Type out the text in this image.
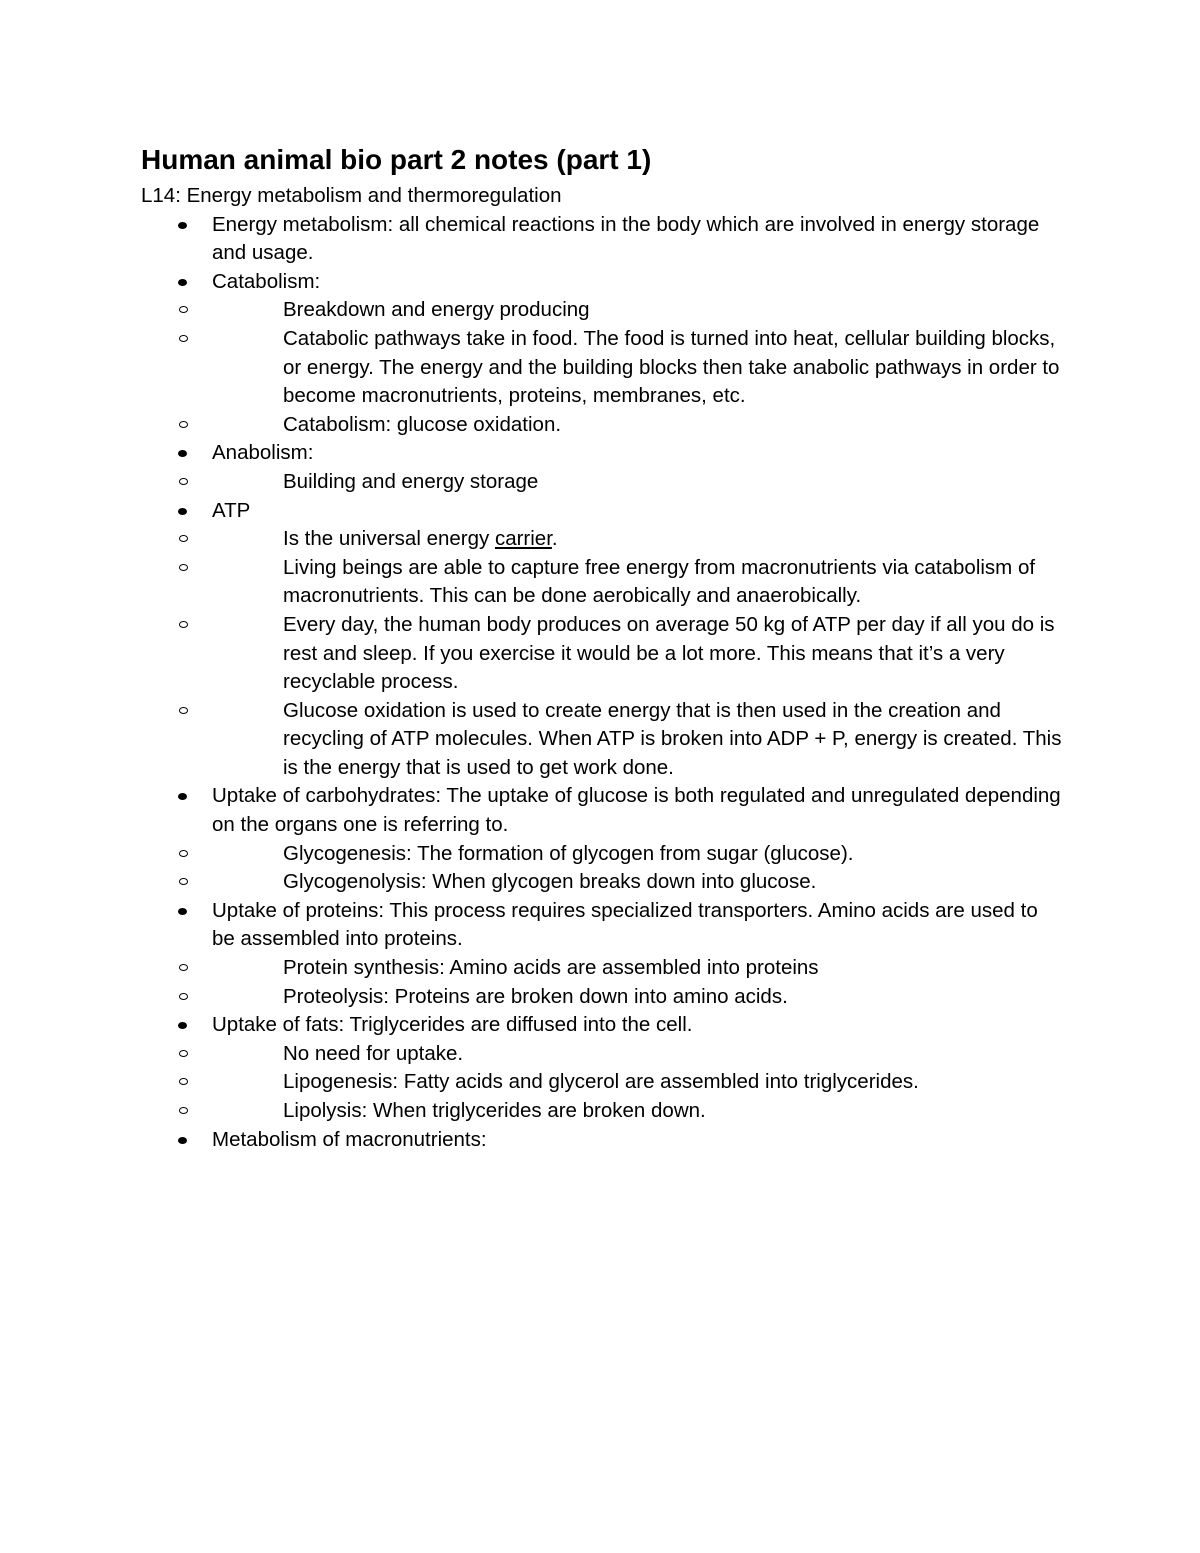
Human animal bio part 2 notes (part 1)

L14: Energy metabolism and thermoregulation

Energy metabolism: all chemical reactions in the body which are involved in energy storage and usage.
Catabolism:
Breakdown and energy producing
Catabolic pathways take in food. The food is turned into heat, cellular building blocks, or energy. The energy and the building blocks then take anabolic pathways in order to become macronutrients, proteins, membranes, etc.
Catabolism: glucose oxidation.
Anabolism:
Building and energy storage
ATP
Is the universal energy carrier.
Living beings are able to capture free energy from macronutrients via catabolism of macronutrients. This can be done aerobically and anaerobically.
Every day, the human body produces on average 50 kg of ATP per day if all you do is rest and sleep. If you exercise it would be a lot more. This means that it’s a very recyclable process.
Glucose oxidation is used to create energy that is then used in the creation and recycling of ATP molecules. When ATP is broken into ADP + P, energy is created. This is the energy that is used to get work done.
Uptake of carbohydrates: The uptake of glucose is both regulated and unregulated depending on the organs one is referring to.
Glycogenesis: The formation of glycogen from sugar (glucose).
Glycogenolysis: When glycogen breaks down into glucose.
Uptake of proteins: This process requires specialized transporters. Amino acids are used to be assembled into proteins.
Protein synthesis: Amino acids are assembled into proteins
Proteolysis: Proteins are broken down into amino acids.
Uptake of fats: Triglycerides are diffused into the cell.
No need for uptake.
Lipogenesis: Fatty acids and glycerol are assembled into triglycerides.
Lipolysis: When triglycerides are broken down.
Metabolism of macronutrients:
